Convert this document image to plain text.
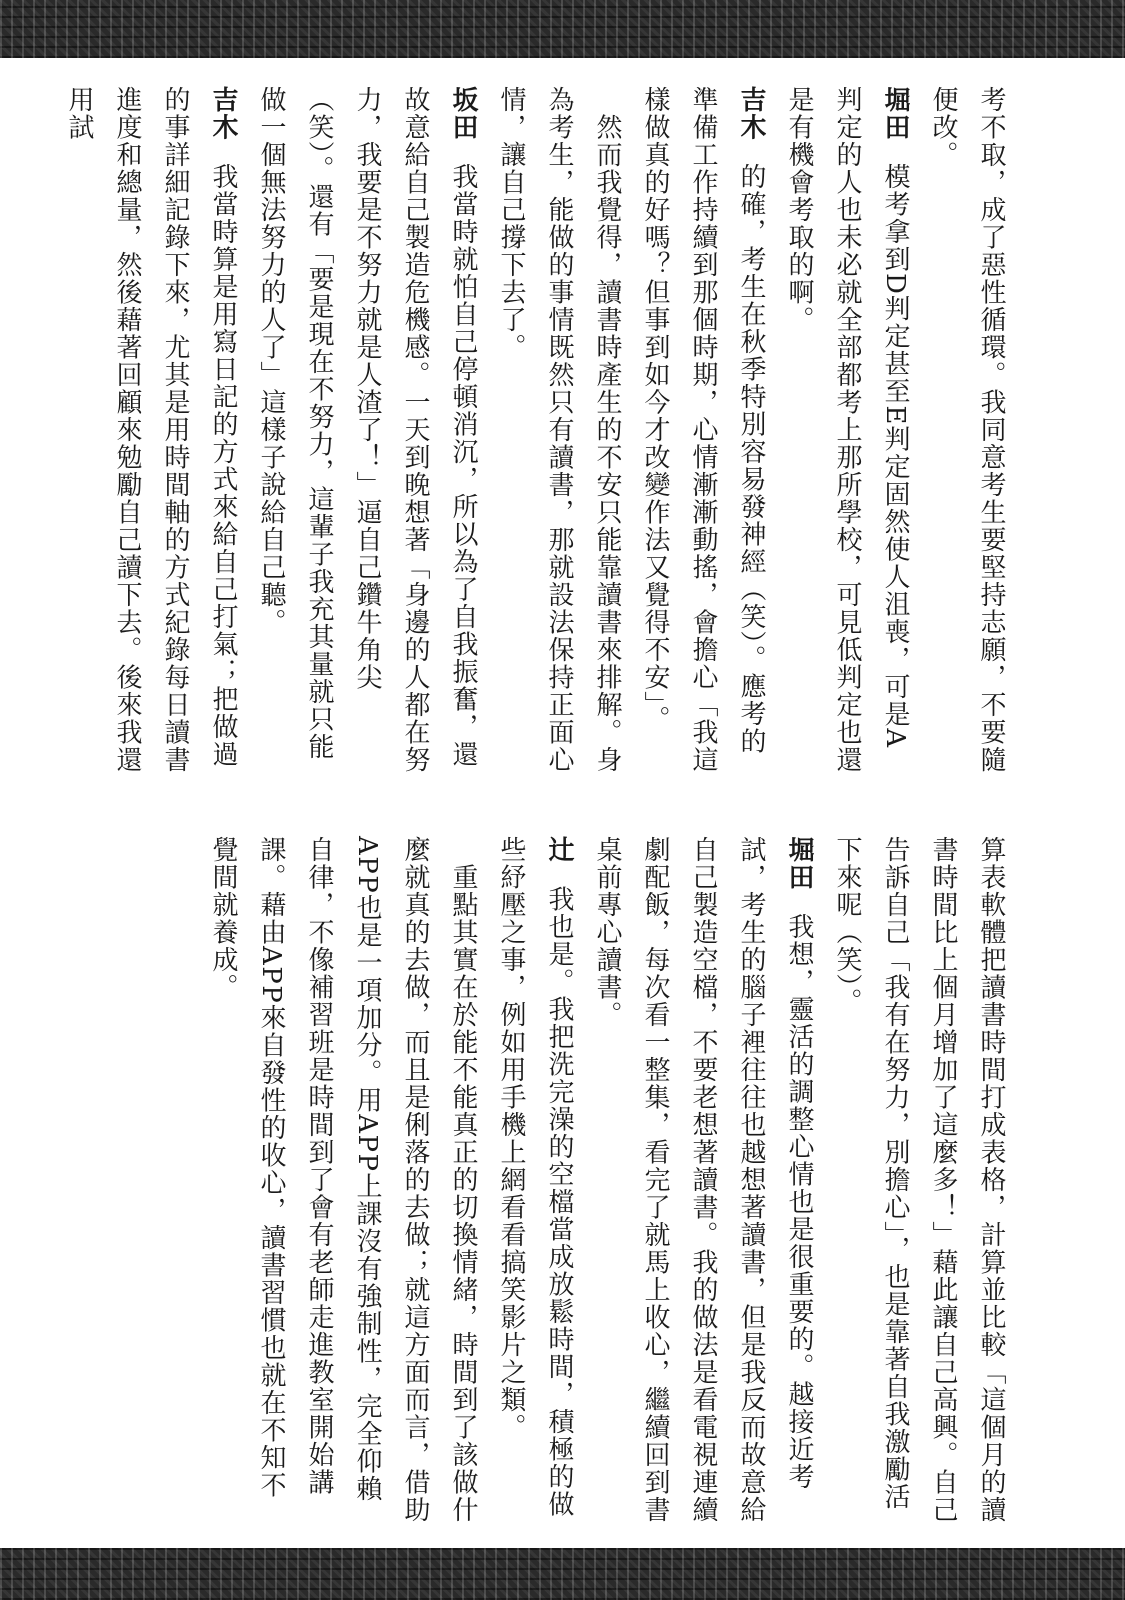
考不取，成了惡性循環。我同意考生要堅持志願，不要隨便改。

堀田模考拿到D判定甚至E判定固然使人沮喪，可是A判定的人也未必就全部都考上那所學校，可見低判定也還是有機會考取的啊。

吉木的確，考生在秋季特別容易發神經（笑）。應考的準備工作持續到那個時期，心情漸漸動搖，會擔心「我這樣做真的好嗎？但事到如今才改變作法又覺得不安」。

　然而我覺得，讀書時產生的不安只能靠讀書來排解。身為考生，能做的事情既然只有讀書，那就設法保持正面心情，讓自己撐下去了。

坂田我當時就怕自己停頓消沉，所以為了自我振奮，還故意給自己製造危機感。一天到晚想著「身邊的人都在努力，我要是不努力就是人渣了！」逼自己鑽牛角尖（笑）。還有「要是現在不努力，這輩子我充其量就只能做一個無法努力的人了」這樣子說給自己聽。

吉木我當時算是用寫日記的方式來給自己打氣；把做過的事詳細記錄下來，尤其是用時間軸的方式紀錄每日讀書進度和總量，然後藉著回顧來勉勵自己讀下去。後來我還用試

算表軟體把讀書時間打成表格，計算並比較「這個月的讀書時間比上個月增加了這麼多！」藉此讓自己高興。自己告訴自己「我有在努力，別擔心」，也是靠著自我激勵活下來呢（笑）。

堀田我想，靈活的調整心情也是很重要的。越接近考試，考生的腦子裡往往也越想著讀書，但是我反而故意給自己製造空檔，不要老想著讀書。我的做法是看電視連續劇配飯，每次看一整集，看完了就馬上收心，繼續回到書桌前專心讀書。

辻我也是。我把洗完澡的空檔當成放鬆時間，積極的做些紓壓之事，例如用手機上網看看搞笑影片之類。

　重點其實在於能不能真正的切換情緒，時間到了該做什麼就真的去做，而且是俐落的去做；就這方面而言，借助APP也是一項加分。用APP上課沒有強制性，完全仰賴自律，不像補習班是時間到了會有老師走進教室開始講課。藉由APP來自發性的收心，讀書習慣也就在不知不覺間就養成。
